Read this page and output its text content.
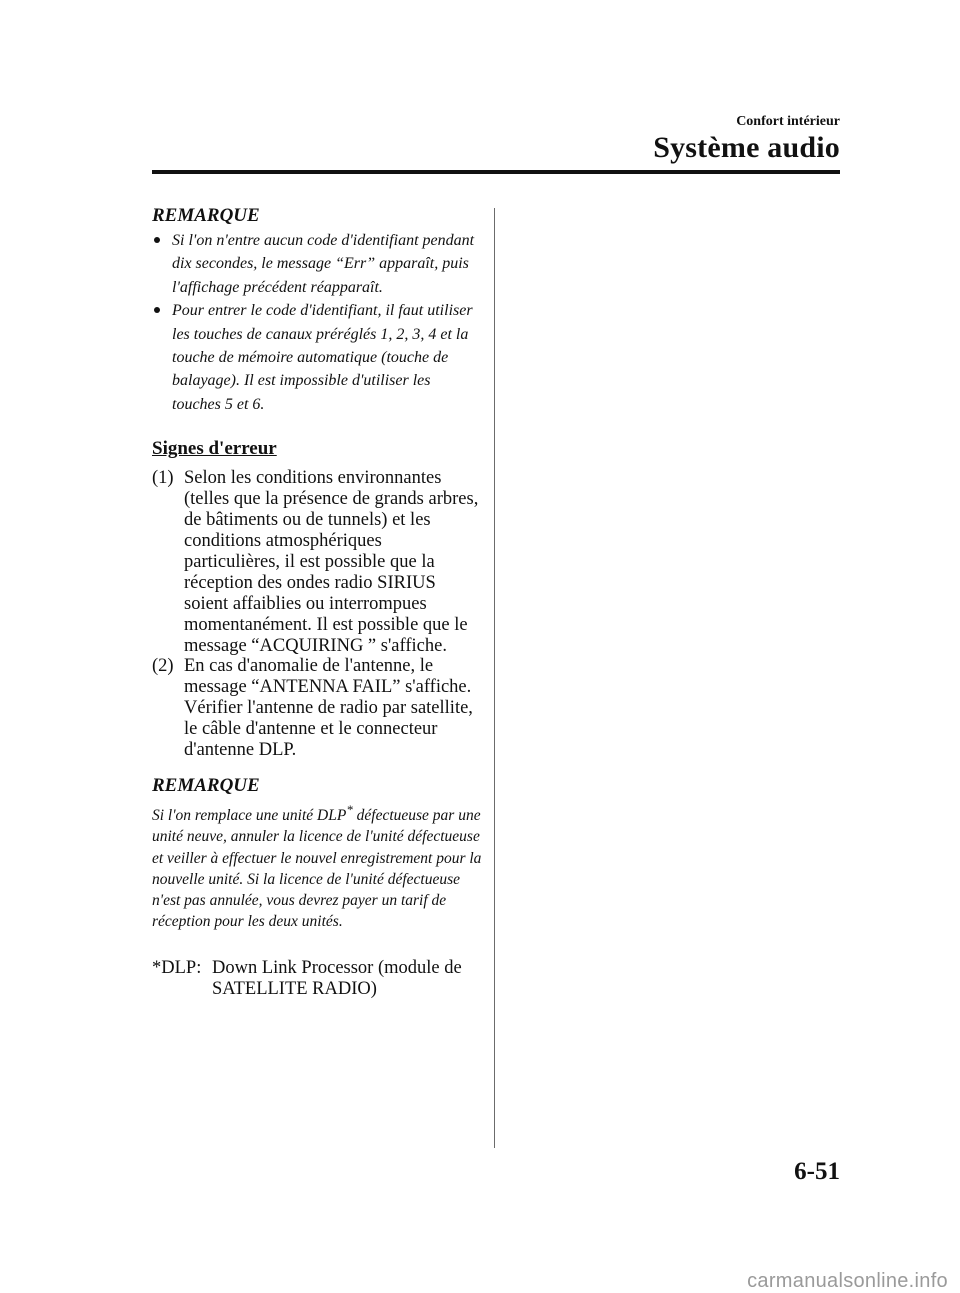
Confort intérieur
Système audio
REMARQUE
Si l'on n'entre aucun code d'identifiant pendant dix secondes, le message “Err” apparaît, puis l'affichage précédent réapparaît.
Pour entrer le code d'identifiant, il faut utiliser les touches de canaux préréglés 1, 2, 3, 4 et la touche de mémoire automatique (touche de balayage). Il est impossible d'utiliser les touches 5 et 6.
Signes d'erreur
(1) Selon les conditions environnantes (telles que la présence de grands arbres, de bâtiments ou de tunnels) et les conditions atmosphériques particulières, il est possible que la réception des ondes radio SIRIUS soient affaiblies ou interrompues momentanément. Il est possible que le message “ACQUIRING ” s'affiche.
(2) En cas d'anomalie de l'antenne, le message “ANTENNA FAIL” s'affiche. Vérifier l'antenne de radio par satellite, le câble d'antenne et le connecteur d'antenne DLP.
REMARQUE

Si l'on remplace une unité DLP* défectueuse par une unité neuve, annuler la licence de l'unité défectueuse et veiller à effectuer le nouvel enregistrement pour la nouvelle unité. Si la licence de l'unité défectueuse n'est pas annulée, vous devrez payer un tarif de réception pour les deux unités.

*DLP: Down Link Processor (module de SATELLITE RADIO)
6-51
carmanualsonline.info
